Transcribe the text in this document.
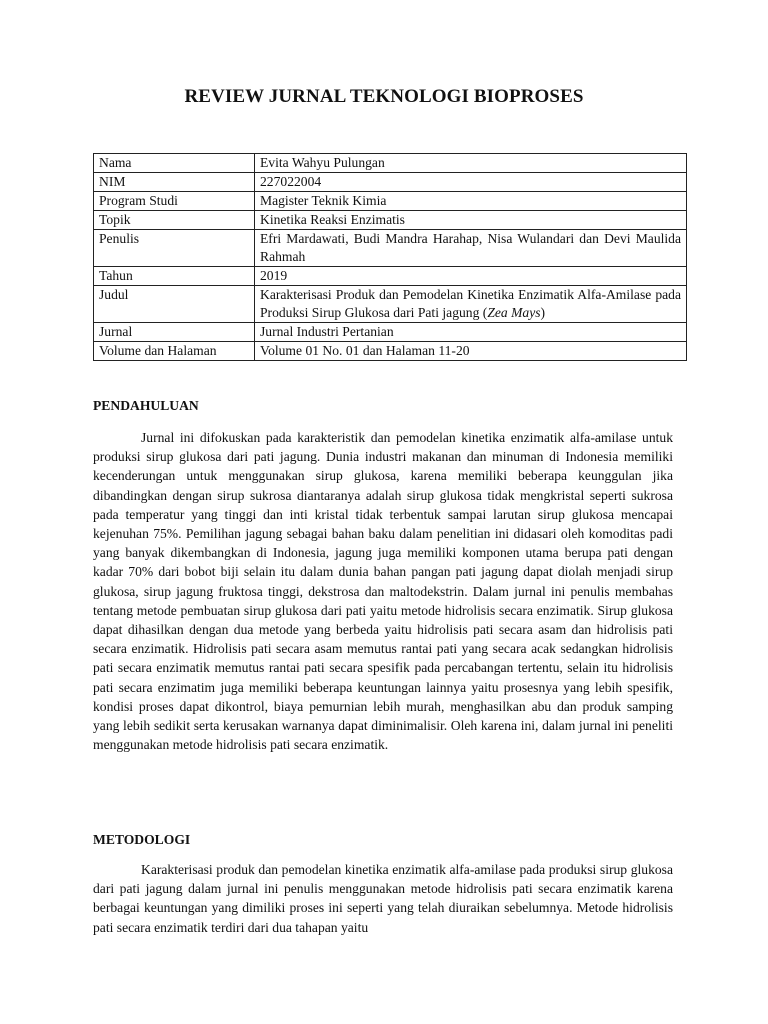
REVIEW JURNAL TEKNOLOGI BIOPROSES
Nama	Evita Wahyu Pulungan
NIM	227022004
Program Studi	Magister Teknik Kimia
Topik	Kinetika Reaksi Enzimatis
Penulis	Efri Mardawati, Budi Mandra Harahap, Nisa Wulandari dan Devi Maulida Rahmah
Tahun	2019
Judul	Karakterisasi Produk dan Pemodelan Kinetika Enzimatik Alfa-Amilase pada Produksi Sirup Glukosa dari Pati jagung (Zea Mays)
Jurnal	Jurnal Industri Pertanian
Volume dan Halaman	Volume 01 No. 01 dan Halaman 11-20
PENDAHULUAN

Jurnal ini difokuskan pada karakteristik dan pemodelan kinetika enzimatik alfa-amilase untuk produksi sirup glukosa dari pati jagung. Dunia industri makanan dan minuman di Indonesia memiliki kecenderungan untuk menggunakan sirup glukosa, karena memiliki beberapa keunggulan jika dibandingkan dengan sirup sukrosa diantaranya adalah sirup glukosa tidak mengkristal seperti sukrosa pada temperatur yang tinggi dan inti kristal tidak terbentuk sampai larutan sirup glukosa mencapai kejenuhan 75%. Pemilihan jagung sebagai bahan baku dalam penelitian ini didasari oleh komoditas padi yang banyak dikembangkan di Indonesia, jagung juga memiliki komponen utama berupa pati dengan kadar 70% dari bobot biji selain itu dalam dunia bahan pangan pati jagung dapat diolah menjadi sirup glukosa, sirup jagung fruktosa tinggi, dekstrosa dan maltodekstrin. Dalam jurnal ini penulis membahas tentang metode pembuatan sirup glukosa dari pati yaitu metode hidrolisis secara enzimatik. Sirup glukosa dapat dihasilkan dengan dua metode yang berbeda yaitu hidrolisis pati secara asam dan hidrolisis pati secara enzimatik. Hidrolisis pati secara asam memutus rantai pati yang secara acak sedangkan hidrolisis pati secara enzimatik memutus rantai pati secara spesifik pada percabangan tertentu, selain itu hidrolisis pati secara enzimatim juga memiliki beberapa keuntungan lainnya yaitu prosesnya yang lebih spesifik, kondisi proses dapat dikontrol, biaya pemurnian lebih murah, menghasilkan abu dan produk samping yang lebih sedikit serta kerusakan warnanya dapat diminimalisir. Oleh karena ini, dalam jurnal ini peneliti menggunakan metode hidrolisis pati secara enzimatik.

METODOLOGI

Karakterisasi produk dan pemodelan kinetika enzimatik alfa-amilase pada produksi sirup glukosa dari pati jagung dalam jurnal ini penulis menggunakan metode hidrolisis pati secara enzimatik karena berbagai keuntungan yang dimiliki proses ini seperti yang telah diuraikan sebelumnya. Metode hidrolisis pati secara enzimatik terdiri dari dua tahapan yaitu
